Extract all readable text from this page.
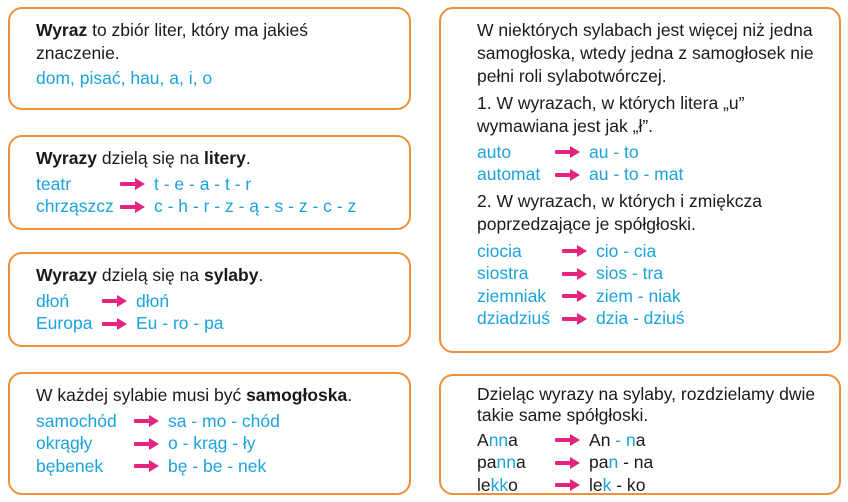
Wyraz to zbiór liter, który ma jakieś znaczenie.

dom, pisać, hau, a, i, o

Wyrazy dzielą się na litery.

teatr	t - e - a - t - r
chrząszcz	c - h - r - z - ą - s - z - c - z

Wyrazy dzielą się na sylaby.

dłoń	dłoń
Europa	Eu - ro - pa

W każdej sylabie musi być samogłoska.

samochód	sa - mo - chód
okrągły	o - krąg - ły
bębenek	bę - be - nek

W niektórych sylabach jest więcej niż jedna samogłoska, wtedy jedna z samogłosek nie pełni roli sylabotwórczej.

1. W wyrazach, w których litera „u” wymawiana jest jak „ł”.

auto	au - to
automat	au - to - mat

2. W wyrazach, w których i zmiękcza poprzedzające je spółgłoski.

ciocia	cio - cia
siostra	sios - tra
ziemniak	ziem - niak
dziadziuś	dzia - dziuś

Dzieląc wyrazy na sylaby, rozdzielamy dwie takie same spółgłoski.

Anna	An - na
panna	pan - na
lekko	lek - ko
